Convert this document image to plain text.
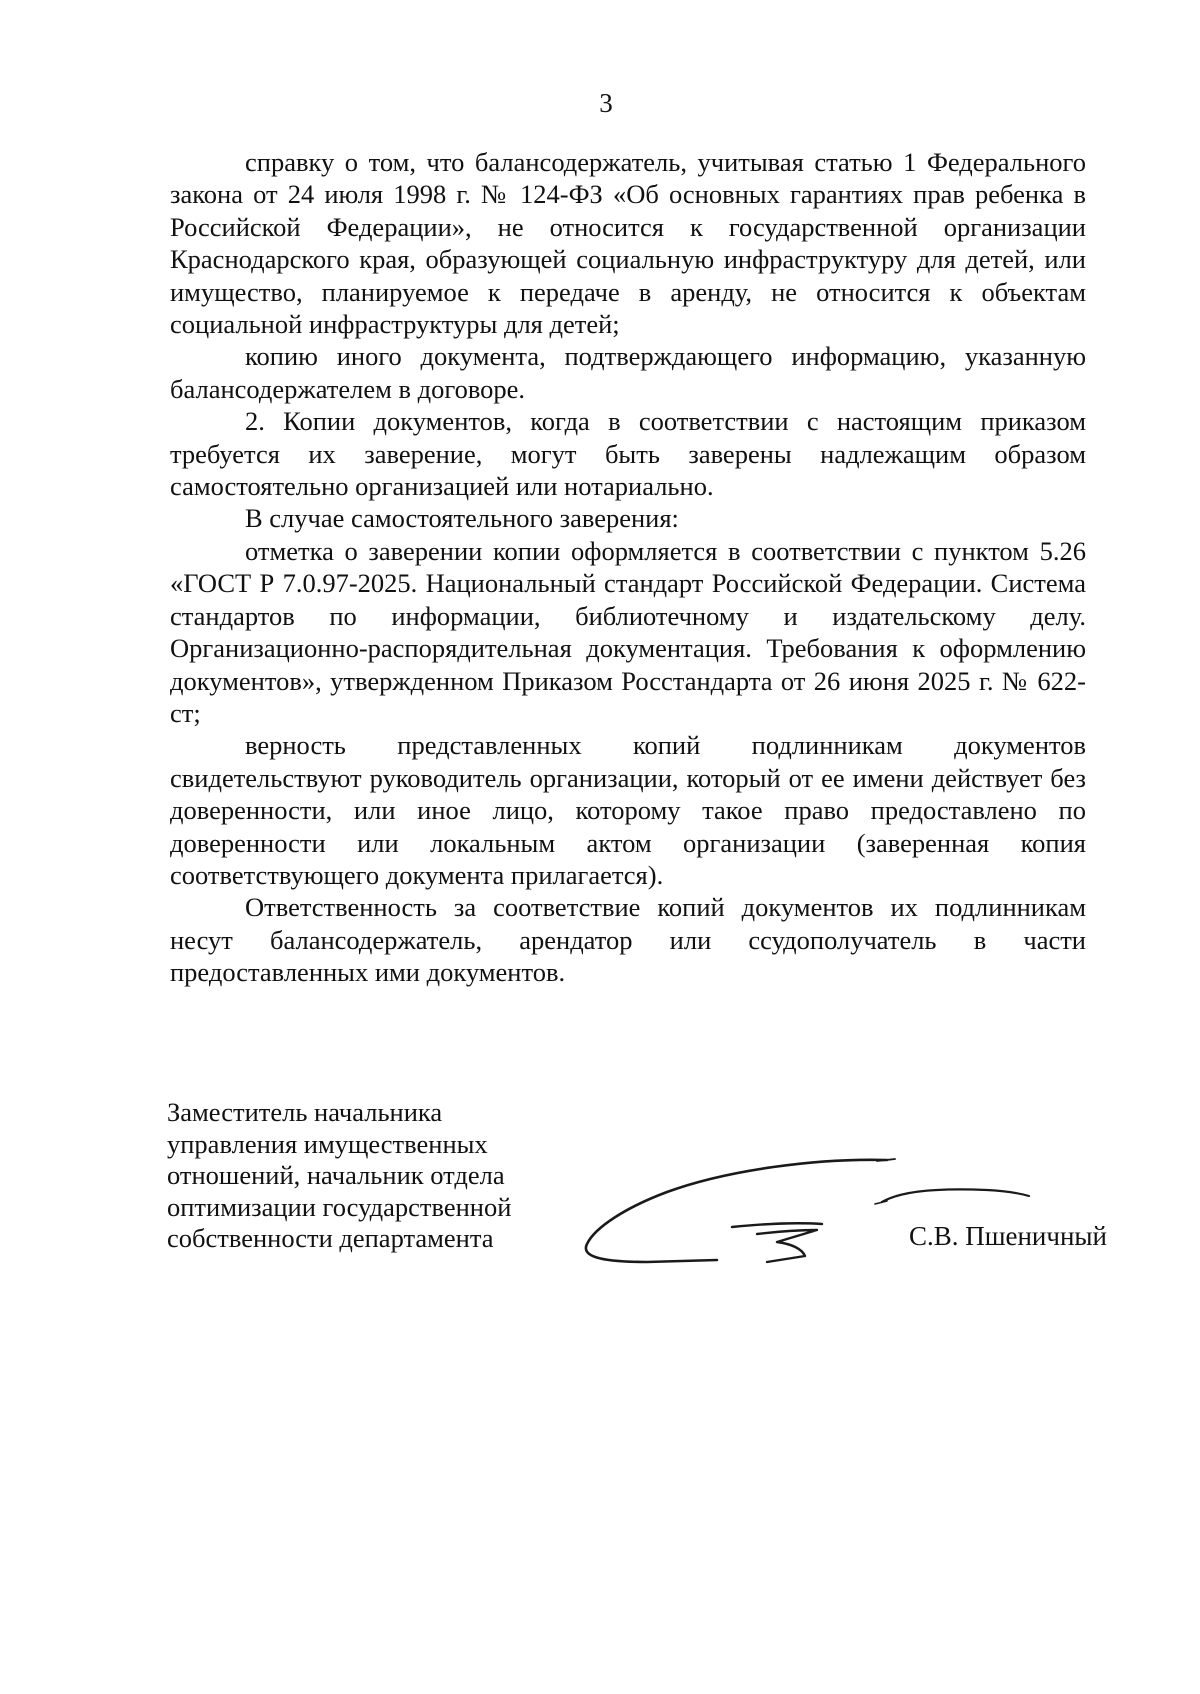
3

справку о том, что балансодержатель, учитывая статью 1 Федерального закона от 24 июля 1998 г. № 124-ФЗ «Об основных гарантиях прав ребенка в Российской Федерации», не относится к государственной организации Краснодарского края, образующей социальную инфраструктуру для детей, или имущество, планируемое к передаче в аренду, не относится к объектам социальной инфраструктуры для детей;

копию иного документа, подтверждающего информацию, указанную балансодержателем в договоре.

2. Копии документов, когда в соответствии с настоящим приказом требуется их заверение, могут быть заверены надлежащим образом самостоятельно организацией или нотариально.

В случае самостоятельного заверения:

отметка о заверении копии оформляется в соответствии с пунктом 5.26 «ГОСТ Р 7.0.97-2025. Национальный стандарт Российской Федерации. Система стандартов по информации, библиотечному и издательскому делу. Организационно-распорядительная документация. Требования к оформлению документов», утвержденном Приказом Росстандарта от 26 июня 2025 г. № 622-ст;

верность представленных копий подлинникам документов свидетельствуют руководитель организации, который от ее имени действует без доверенности, или иное лицо, которому такое право предоставлено по доверенности или локальным актом организации (заверенная копия соответствующего документа прилагается).

Ответственность за соответствие копий документов их подлинникам несут балансодержатель, арендатор или ссудополучатель в части предоставленных ими документов.

Заместитель начальника
управления имущественных
отношений, начальник отдела
оптимизации государственной
собственности департамента	С.В. Пшеничный
